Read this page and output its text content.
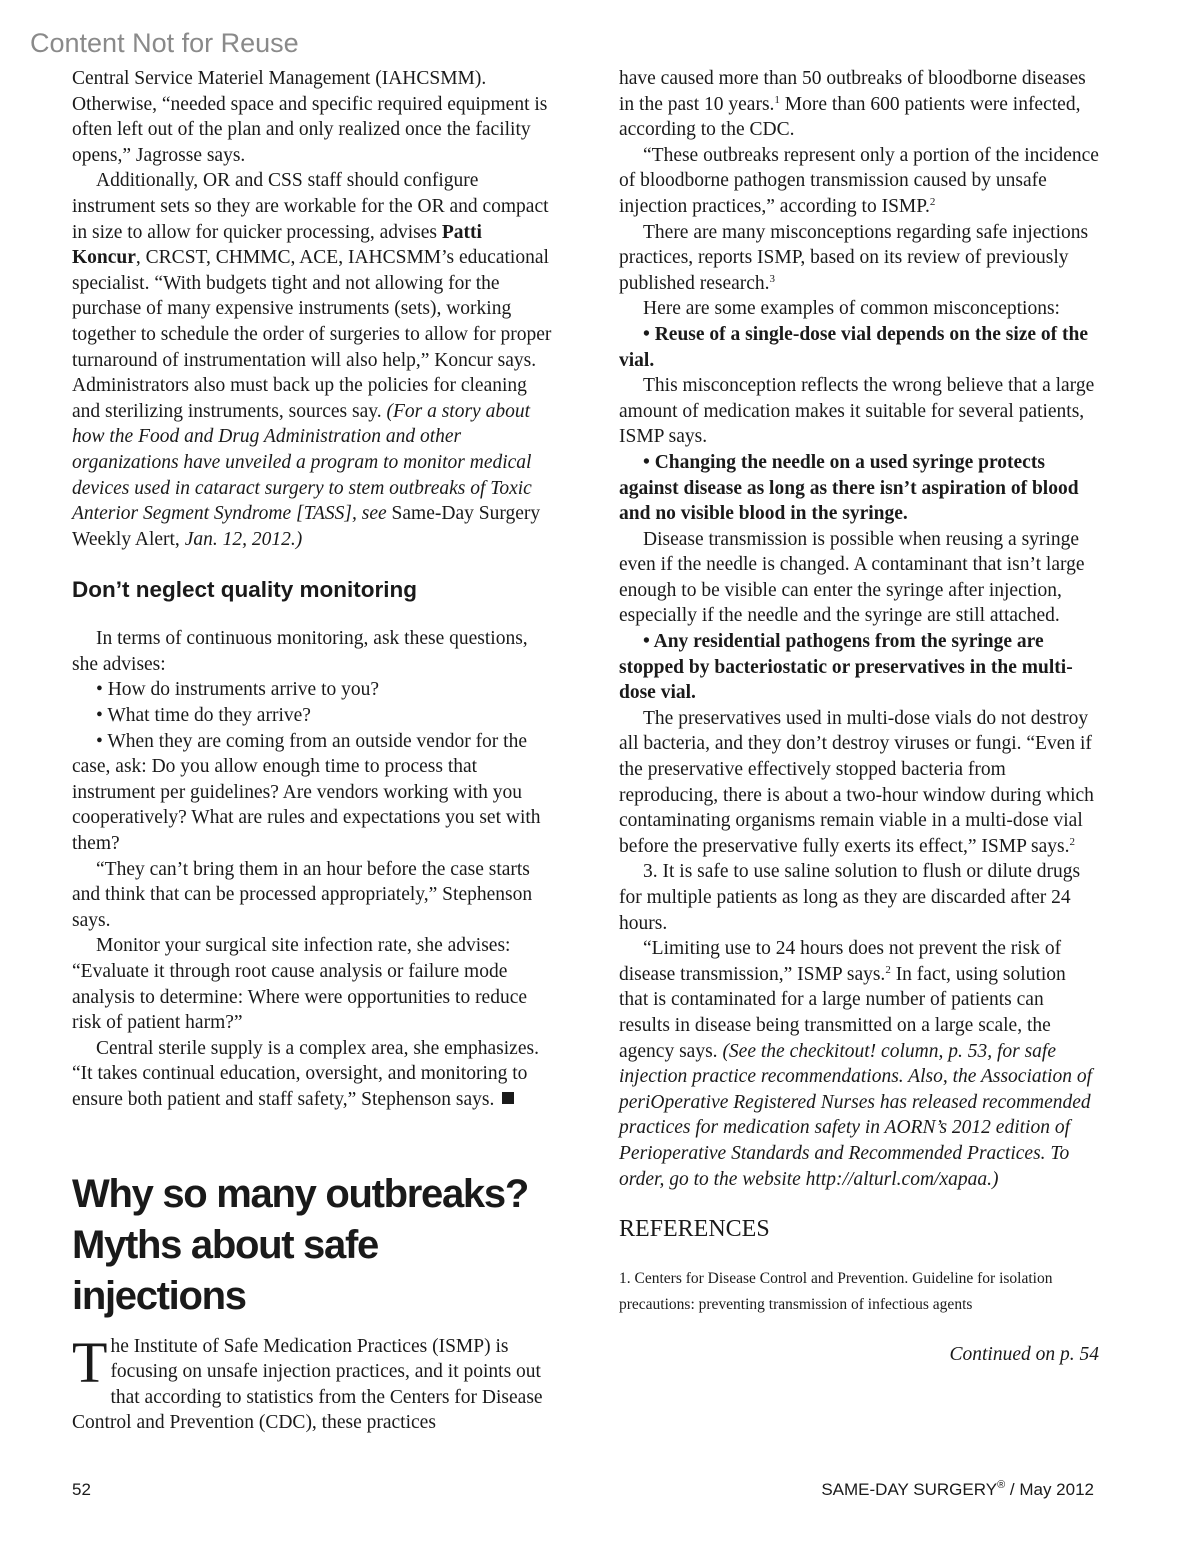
Content Not for Reuse

Central Service Materiel Management (IAHCSMM). Otherwise, “needed space and specific required equipment is often left out of the plan and only realized once the facility opens,” Jagrosse says.

Additionally, OR and CSS staff should configure instrument sets so they are workable for the OR and compact in size to allow for quicker processing, advises Patti Koncur, CRCST, CHMMC, ACE, IAHCSMM’s educational specialist. “With budgets tight and not allowing for the purchase of many expensive instruments (sets), working together to schedule the order of surgeries to allow for proper turnaround of instrumentation will also help,” Koncur says. Administrators also must back up the policies for cleaning and sterilizing instruments, sources say. (For a story about how the Food and Drug Administration and other organizations have unveiled a program to monitor medical devices used in cataract surgery to stem outbreaks of Toxic Anterior Segment Syndrome [TASS], see Same-Day Surgery Weekly Alert, Jan. 12, 2012.)

Don’t neglect quality monitoring

In terms of continuous monitoring, ask these questions, she advises:

• How do instruments arrive to you?

• What time do they arrive?

• When they are coming from an outside vendor for the case, ask: Do you allow enough time to process that instrument per guidelines? Are vendors working with you cooperatively? What are rules and expectations you set with them?

“They can’t bring them in an hour before the case starts and think that can be processed appropriately,” Stephenson says.

Monitor your surgical site infection rate, she advises: “Evaluate it through root cause analysis or failure mode analysis to determine: Where were opportunities to reduce risk of patient harm?”

Central sterile supply is a complex area, she emphasizes. “It takes continual education, oversight, and monitoring to ensure both patient and staff safety,” Stephenson says.

Why so many outbreaks?
Myths about safe injections

The Institute of Safe Medication Practices (ISMP) is focusing on unsafe injection practices, and it points out that according to statistics from the Centers for Disease Control and Prevention (CDC), these practices

have caused more than 50 outbreaks of bloodborne diseases in the past 10 years.$^1$ More than 600 patients were infected, according to the CDC.

“These outbreaks represent only a portion of the incidence of bloodborne pathogen transmission caused by unsafe injection practices,” according to ISMP.$^2$

There are many misconceptions regarding safe injections practices, reports ISMP, based on its review of previously published research.$^3$

Here are some examples of common misconceptions:

• Reuse of a single-dose vial depends on the size of the vial.

This misconception reflects the wrong believe that a large amount of medication makes it suitable for several patients, ISMP says.

• Changing the needle on a used syringe protects against disease as long as there isn’t aspiration of blood and no visible blood in the syringe.

Disease transmission is possible when reusing a syringe even if the needle is changed. A contaminant that isn’t large enough to be visible can enter the syringe after injection, especially if the needle and the syringe are still attached.

• Any residential pathogens from the syringe are stopped by bacteriostatic or preservatives in the multi-dose vial.

The preservatives used in multi-dose vials do not destroy all bacteria, and they don’t destroy viruses or fungi. “Even if the preservative effectively stopped bacteria from reproducing, there is about a two-hour window during which contaminating organisms remain viable in a multi-dose vial before the preservative fully exerts its effect,” ISMP says.$^2$

3. It is safe to use saline solution to flush or dilute drugs for multiple patients as long as they are discarded after 24 hours.

“Limiting use to 24 hours does not prevent the risk of disease transmission,” ISMP says.$^2$ In fact, using solution that is contaminated for a large number of patients can results in disease being transmitted on a large scale, the agency says. (See the checkitout! column, p. 53, for safe injection practice recommendations. Also, the Association of periOperative Registered Nurses has released recommended practices for medication safety in AORN’s 2012 edition of Perioperative Standards and Recommended Practices. To order, go to the website http://alturl.com/xapaa.)

REFERENCES

1. Centers for Disease Control and Prevention. Guideline for isolation precautions: preventing transmission of infectious agents

Continued on p. 54

52	SAME-DAY SURGERY® / May 2012
